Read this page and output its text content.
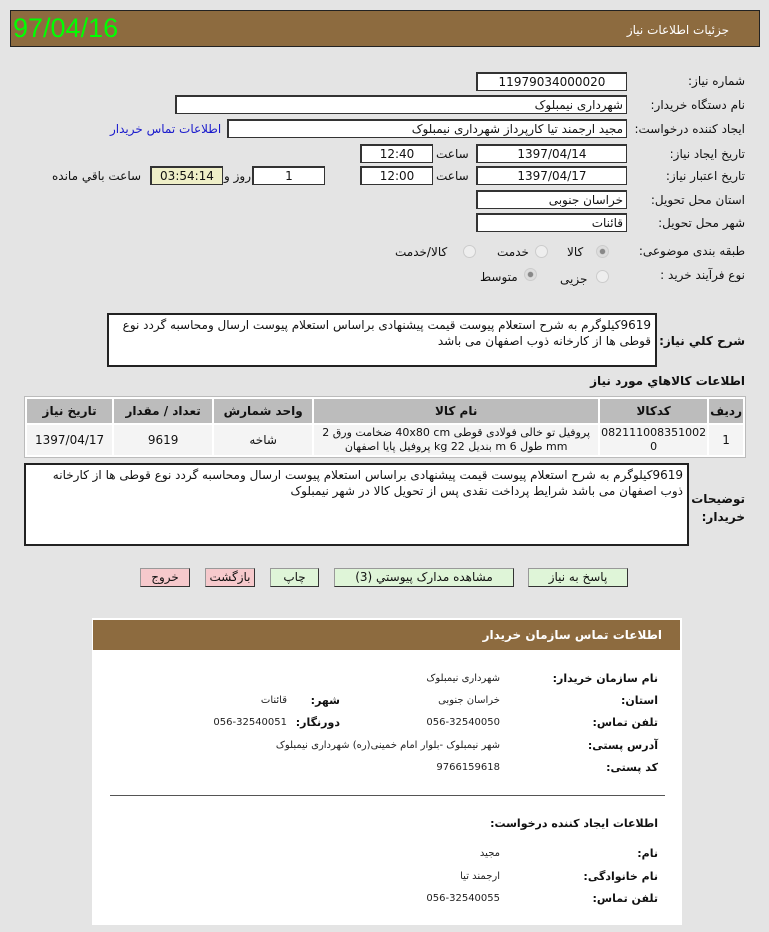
جزئیات اطلاعات نیاز
97/04/16
شماره نیاز:
11979034000020
نام دستگاه خریدار:
شهرداری نیمبلوک
ایجاد کننده درخواست:
مجید ارجمند تیا کارپرداز شهرداری نیمبلوک
اطلاعات تماس خریدار
تاریخ ایجاد نیاز:
1397/04/14
ساعت
12:40
تاریخ اعتبار نیاز:
1397/04/17
ساعت
12:00
1
روز و
03:54:14
ساعت باقي مانده
استان محل تحویل:
خراسان جنوبی
شهر محل تحویل:
قائنات
طبقه بندی موضوعی:
کالا
خدمت
کالا/خدمت
نوع فرآیند خرید :
جزیی
متوسط
شرح کلي نیاز:
9619کیلوگرم به شرح استعلام پیوست قیمت پیشنهادی براساس استعلام پیوست ارسال ومحاسبه گردد نوع قوطی ها از کارخانه ذوب اصفهان می باشد
اطلاعات کالاهاي مورد نیاز
ردیف	کدکالا	نام کالا	واحد شمارش	تعداد / مقدار	تاریخ نیاز
1	082111008351002​0	پروفیل تو خالی فولادی قوطی 40x80 cm ضخامت ورق 2 mm طول 6 m بندیل 22 kg پروفیل پایا اصفهان	شاخه	9619	1397/04/17
توضیحات خریدار:
9619کیلوگرم به شرح استعلام پیوست قیمت پیشنهادی براساس استعلام پیوست ارسال ومحاسبه گردد نوع قوطی ها از کارخانه ذوب اصفهان می باشد شرایط پرداخت نقدی پس از تحویل کالا در شهر نیمبلوک
پاسخ به نیاز
مشاهده مدارک پیوستي (3)
چاپ
بازگشت
خروج
اطلاعات تماس سازمان خریدار
نام سازمان خریدار:
شهرداری نیمبلوک
استان:
خراسان جنوبی
شهر:
قائنات
تلفن تماس:
056-32540050
دورنگار:
056-32540051
آدرس پستی:
شهر نیمبلوک -بلوار امام خمینی(ره) شهرداری نیمبلوک
کد پستی:
9766159618
اطلاعات ایجاد کننده درخواست:
نام:
مجید
نام خانوادگی:
ارجمند تیا
تلفن تماس:
056-32540055
